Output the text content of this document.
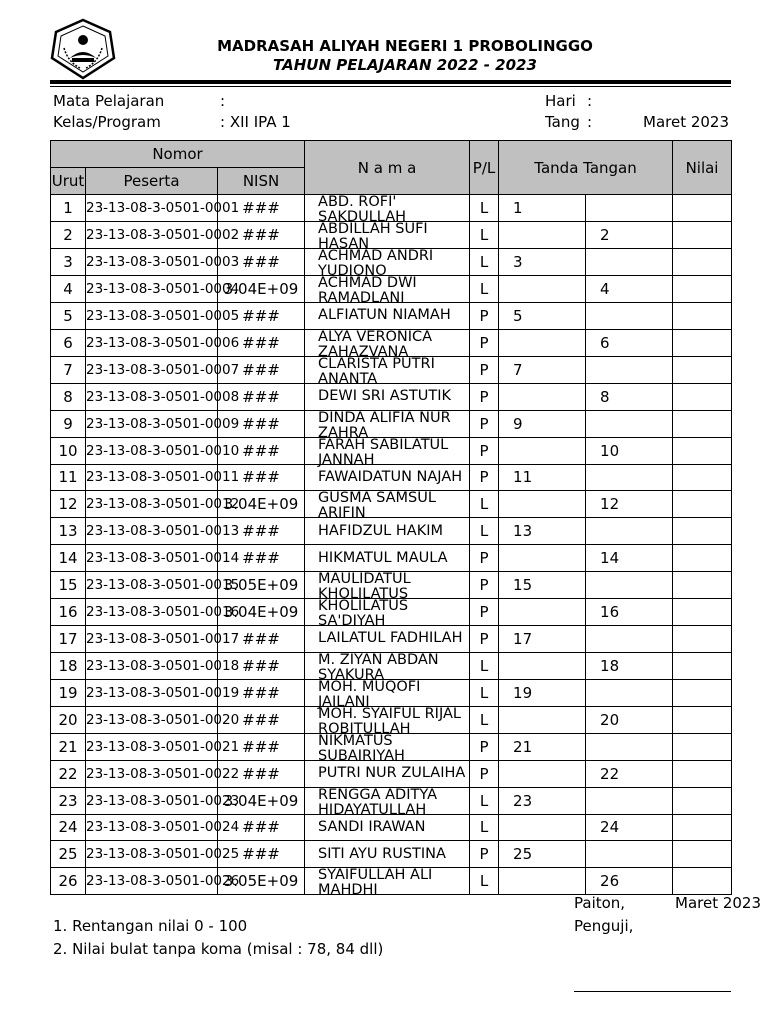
MADRASAH ALIYAH NEGERI 1 PROBOLINGGO
TAHUN PELAJARAN 2022 - 2023
Mata Pelajaran	:
Kelas/Program	: XII IPA 1
Hari :
Tang :	Maret 2023
Nomor			N a m a	P/L	Tanda Tangan		Nilai
Urut	Peserta	NISN					
1	23-13-08-3-0501-0001	###	ABD. ROFI' SAKDULLAH	L	1		
2	23-13-08-3-0501-0002	###	ABDILLAH SUFI HASAN	L		2	
3	23-13-08-3-0501-0003	###	ACHMAD ANDRI YUDIONO	L	3		
4	23-13-08-3-0501-0004	3.04E+09	ACHMAD DWI RAMADLANI	L		4	
5	23-13-08-3-0501-0005	###	ALFIATUN NIAMAH	P	5		
6	23-13-08-3-0501-0006	###	ALYA VERONICA ZAHAZVANA	P		6	
7	23-13-08-3-0501-0007	###	CLARISTA PUTRI ANANTA	P	7		
8	23-13-08-3-0501-0008	###	DEWI SRI ASTUTIK	P		8	
9	23-13-08-3-0501-0009	###	DINDA ALIFIA NUR ZAHRA	P	9		
10	23-13-08-3-0501-0010	###	FARAH SABILATUL JANNAH	P		10	
11	23-13-08-3-0501-0011	###	FAWAIDATUN NAJAH	P	11		
12	23-13-08-3-0501-0012	3.04E+09	GUSMA SAMSUL ARIFIN	L		12	
13	23-13-08-3-0501-0013	###	HAFIDZUL HAKIM	L	13		
14	23-13-08-3-0501-0014	###	HIKMATUL MAULA	P		14	
15	23-13-08-3-0501-0015	3.05E+09	MAULIDATUL KHOLILATUS	P	15		
16	23-13-08-3-0501-0016	3.04E+09	KHOLILATUS SA'DIYAH	P		16	
17	23-13-08-3-0501-0017	###	LAILATUL FADHILAH	P	17		
18	23-13-08-3-0501-0018	###	M. ZIYAN ABDAN SYAKURA	L		18	
19	23-13-08-3-0501-0019	###	MOH. MUQOFI JAILANI	L	19		
20	23-13-08-3-0501-0020	###	MOH. SYAIFUL RIJAL ROBITULLAH	L		20	
21	23-13-08-3-0501-0021	###	NIKMATUS SUBAIRIYAH	P	21		
22	23-13-08-3-0501-0022	###	PUTRI NUR ZULAIHA	P		22	
23	23-13-08-3-0501-0023	3.04E+09	RENGGA ADITYA HIDAYATULLAH	L	23		
24	23-13-08-3-0501-0024	###	SANDI IRAWAN	L		24	
25	23-13-08-3-0501-0025	###	SITI AYU RUSTINA	P	25		
26	23-13-08-3-0501-0026	3.05E+09	SYAIFULLAH ALI MAHDHI	L		26	
Paiton,	Maret 2023
Penguji,
1. Rentangan nilai 0 - 100
2. Nilai bulat tanpa koma (misal : 78, 84 dll)
